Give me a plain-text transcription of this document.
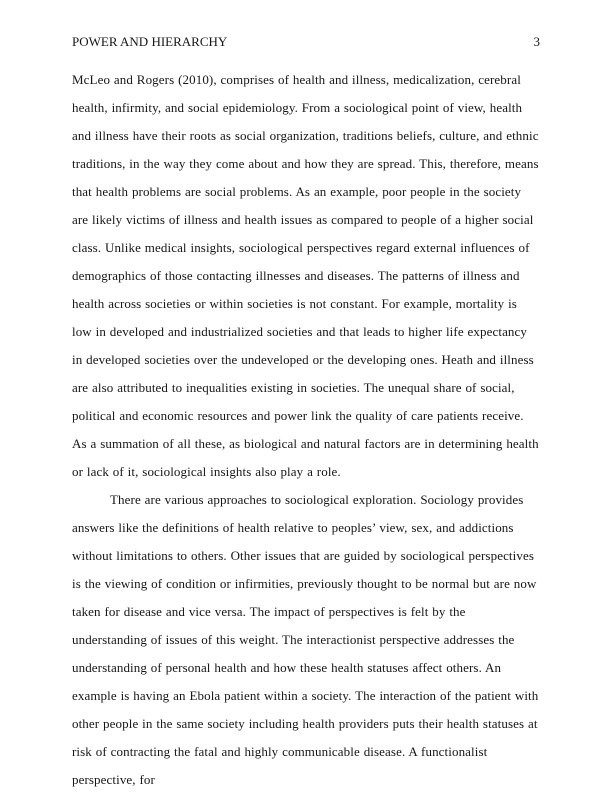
POWER AND HIERARCHY	3

McLeo and Rogers (2010), comprises of health and illness, medicalization, cerebral health, infirmity, and social epidemiology. From a sociological point of view, health and illness have their roots as social organization, traditions beliefs, culture, and ethnic traditions, in the way they come about and how they are spread. This, therefore, means that health problems are social problems. As an example, poor people in the society are likely victims of illness and health issues as compared to people of a higher social class. Unlike medical insights, sociological perspectives regard external influences of demographics of those contacting illnesses and diseases. The patterns of illness and health across societies or within societies is not constant. For example, mortality is low in developed and industrialized societies and that leads to higher life expectancy in developed societies over the undeveloped or the developing ones. Heath and illness are also attributed to inequalities existing in societies. The unequal share of social, political and economic resources and power link the quality of care patients receive. As a summation of all these, as biological and natural factors are in determining health or lack of it, sociological insights also play a role.

There are various approaches to sociological exploration. Sociology provides answers like the definitions of health relative to peoples’ view, sex, and addictions without limitations to others. Other issues that are guided by sociological perspectives is the viewing of condition or infirmities, previously thought to be normal but are now taken for disease and vice versa. The impact of perspectives is felt by the understanding of issues of this weight. The interactionist perspective addresses the understanding of personal health and how these health statuses affect others. An example is having an Ebola patient within a society. The interaction of the patient with other people in the same society including health providers puts their health statuses at risk of contracting the fatal and highly communicable disease. A functionalist perspective, for
